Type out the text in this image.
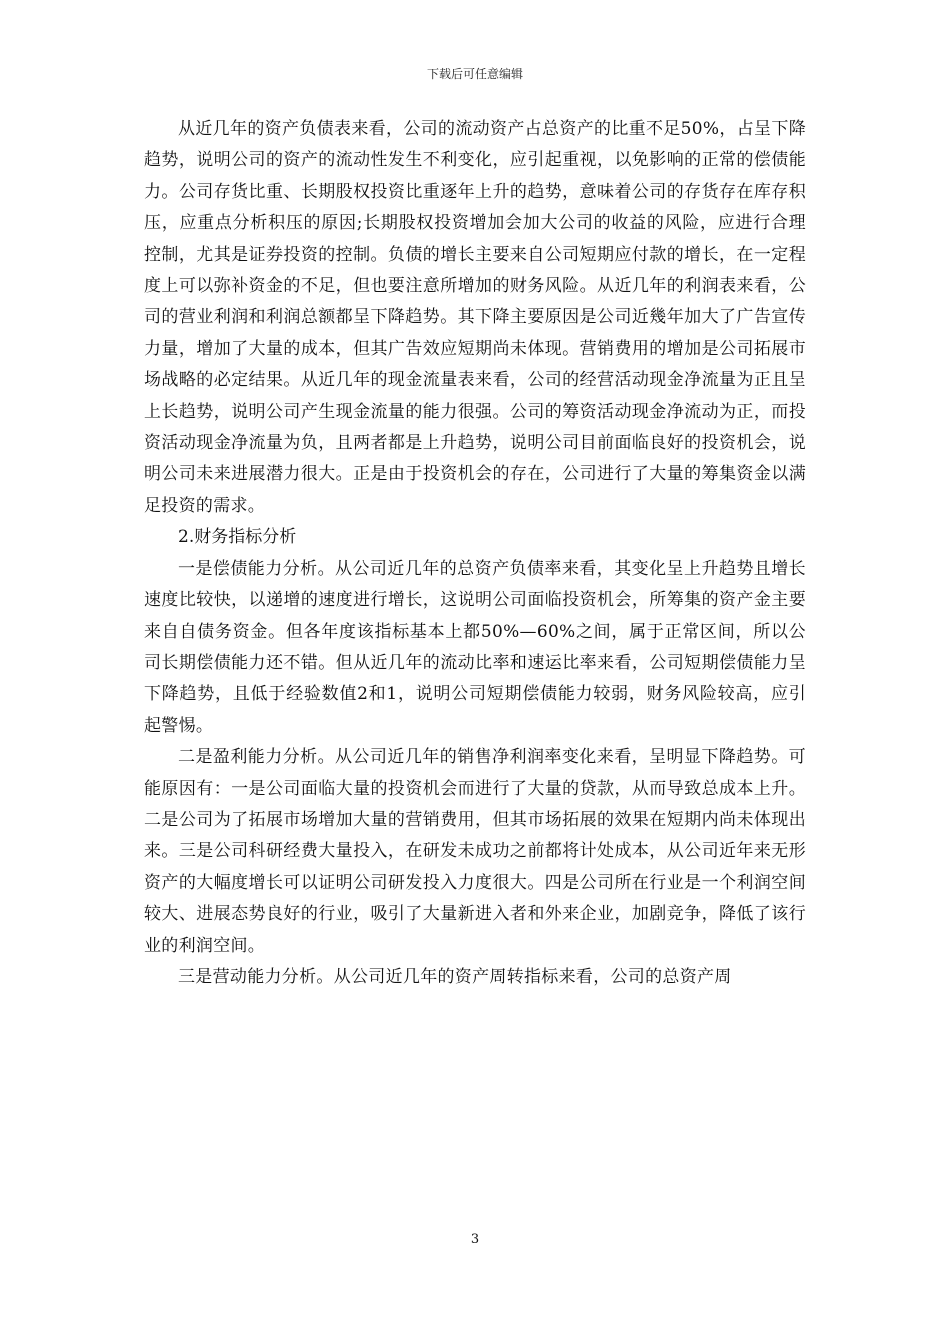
下载后可任意编辑

从近几年的资产负债表来看，公司的流动资产占总资产的比重不足50%，占呈下降趋势，说明公司的资产的流动性发生不利变化，应引起重视，以免影响的正常的偿债能力。公司存货比重、长期股权投资比重逐年上升的趋势，意味着公司的存货存在库存积压，应重点分析积压的原因;长期股权投资增加会加大公司的收益的风险，应进行合理控制，尤其是证券投资的控制。负债的增长主要来自公司短期应付款的增长，在一定程度上可以弥补资金的不足，但也要注意所增加的财务风险。从近几年的利润表来看，公司的营业利润和利润总额都呈下降趋势。其下降主要原因是公司近幾年加大了广告宣传力量，增加了大量的成本，但其广告效应短期尚未体现。营销费用的增加是公司拓展市场战略的必定结果。从近几年的现金流量表来看，公司的经营活动现金净流量为正且呈上长趋势，说明公司产生现金流量的能力很强。公司的筹资活动现金净流动为正，而投资活动现金净流量为负，且两者都是上升趋势，说明公司目前面临良好的投资机会，说明公司未来进展潜力很大。正是由于投资机会的存在，公司进行了大量的筹集资金以满足投资的需求。

2.财务指标分析

一是偿债能力分析。从公司近几年的总资产负债率来看，其变化呈上升趋势且增长速度比较快，以递增的速度进行增长，这说明公司面临投资机会，所筹集的资产金主要来自自债务资金。但各年度该指标基本上都50%—60%之间，属于正常区间，所以公司长期偿债能力还不错。但从近几年的流动比率和速运比率来看，公司短期偿债能力呈下降趋势，且低于经验数值2和1，说明公司短期偿债能力较弱，财务风险较高，应引起警惕。

二是盈利能力分析。从公司近几年的销售净利润率变化来看，呈明显下降趋势。可能原因有：一是公司面临大量的投资机会而进行了大量的贷款，从而导致总成本上升。二是公司为了拓展市场增加大量的营销费用，但其市场拓展的效果在短期内尚未体现出来。三是公司科研经费大量投入，在研发未成功之前都将计处成本，从公司近年来无形资产的大幅度增长可以证明公司研发投入力度很大。四是公司所在行业是一个利润空间较大、进展态势良好的行业，吸引了大量新进入者和外来企业，加剧竞争，降低了该行业的利润空间。

三是营动能力分析。从公司近几年的资产周转指标来看，公司的总资产周

3
